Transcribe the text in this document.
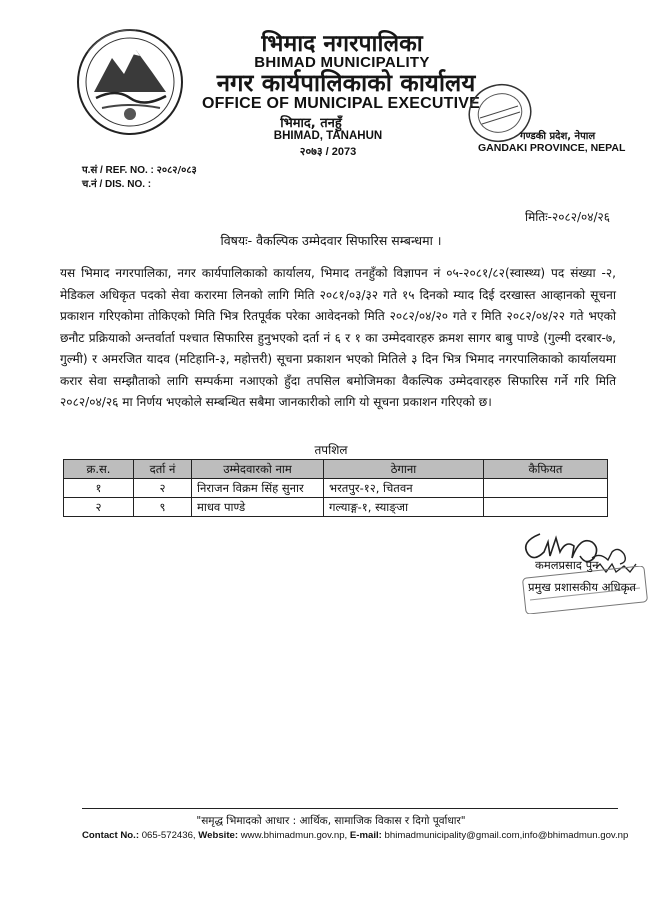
भिमाद नगरपालिका
BHIMAD MUNICIPALITY
नगर कार्यपालिकाको कार्यालय
OFFICE OF MUNICIPAL EXECUTIVE
भिमाद, तनहुँ
BHIMAD, TANAHUN
२०७३ / 2073
गण्डकी प्रदेश, नेपाल
GANDAKI PROVINCE, NEPAL
प.सं / REF. NO. : २०८२/०८३
च.नं / DIS. NO. :
मितिः-२०८२/०४/२६
विषयः- वैकल्पिक उम्मेदवार सिफारिस सम्बन्धमा ।

यस भिमाद नगरपालिका, नगर कार्यपालिकाको कार्यालय, भिमाद तनहुँको विज्ञापन नं ०५-२०८१/८२(स्वास्थ्य) पद संख्या -२, मेडिकल अधिकृत पदको सेवा करारमा लिनको लागि मिति २०८१/०३/३२ गते १५ दिनको म्याद दिई दरखास्त आव्हानको सूचना प्रकाशन गरिएकोमा तोकिएको मिति भित्र रितपूर्वक परेका आवेदनको मिति २०८२/०४/२० गते र मिति २०८२/०४/२२ गते भएको छनौट प्रक्रियाको अन्तर्वार्ता पश्चात सिफारिस हुनुभएको दर्ता नं ६ र १ का उम्मेदवारहरु क्रमश सागर बाबु पाण्डे (गुल्मी दरबार-७, गुल्मी) र अमरजित यादव (मटिहानि-३, महोत्तरी) सूचना प्रकाशन भएको मितिले ३ दिन भित्र भिमाद नगरपालिकाको कार्यालयमा करार सेवा सम्झौताको लागि सम्पर्कमा नआएको हुँदा तपसिल बमोजिमका वैकल्पिक उम्मेदवारहरु सिफारिस गर्ने गरि मिति २०८२/०४/२६ मा निर्णय भएकोले सम्बन्धित सबैमा जानकारीको लागि यो सूचना प्रकाशन गरिएको छ।

तपशिल
क्र.स.	दर्ता नं	उम्मेदवारको नाम	ठेगाना	कैफियत
१	२	निराजन विक्रम सिंह सुनार	भरतपुर-१२, चितवन	
२	९	माधव पाण्डे	गल्याङ्ग-१, स्याङ्जा	
कमलप्रसाद पुन
प्रमुख प्रशासकीय अधिकृत
"समृद्ध भिमादको आधार : आर्थिक, सामाजिक विकास र दिगो पूर्वाधार"
Contact No.: 065-572436, Website: www.bhimadmun.gov.np, E-mail: bhimadmunicipality@gmail.com,info@bhimadmun.gov.np
